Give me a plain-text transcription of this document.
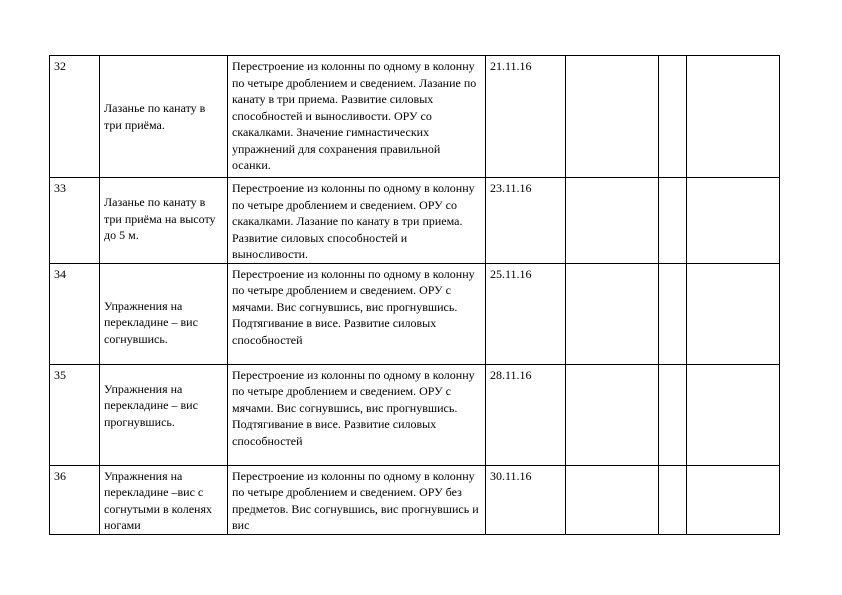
32	Лазанье по канату в три приёма.	Перестроение из колонны по одному в колонну по четыре дроблением и сведением. Лазание по канату в три приема. Развитие силовых способностей и выносливости. ОРУ со скакалками. Значение гимнастических упражнений для сохранения правильной осанки.	21.11.16			
33	Лазанье по канату в три приёма на высоту до 5 м.	Перестроение из колонны по одному в колонну по четыре дроблением и сведением. ОРУ со скакалками. Лазание по канату в три приема. Развитие силовых способностей и выносливости.	23.11.16			
34	Упражнения на перекладине – вис согнувшись.	Перестроение из колонны по одному в колонну по четыре дроблением и сведением. ОРУ с мячами. Вис согнувшись, вис прогнувшись. Подтягивание в висе. Развитие силовых способностей	25.11.16			
35	Упражнения на перекладине – вис прогнувшись.	Перестроение из колонны по одному в колонну по четыре дроблением и сведением. ОРУ с мячами. Вис согнувшись, вис прогнувшись. Подтягивание в висе. Развитие силовых способностей	28.11.16			
36	Упражнения на перекладине –вис с согнутыми в коленях ногами	Перестроение из колонны по одному в колонну по четыре дроблением и сведением. ОРУ без предметов. Вис согнувшись, вис прогнувшись и вис	30.11.16			
